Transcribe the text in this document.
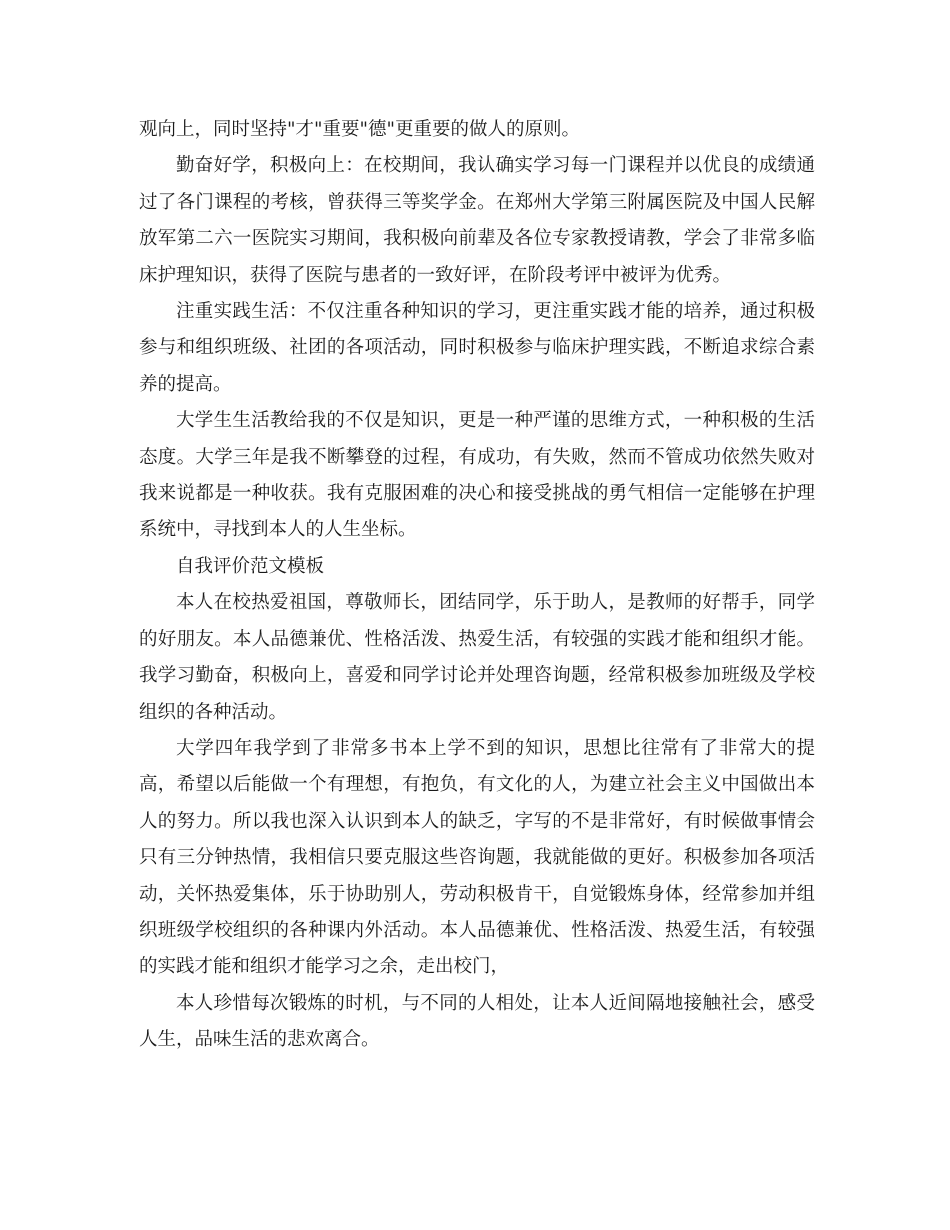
观向上，同时坚持"才"重要"德"更重要的做人的原则。

勤奋好学，积极向上：在校期间，我认确实学习每一门课程并以优良的成绩通过了各门课程的考核，曾获得三等奖学金。在郑州大学第三附属医院及中国人民解放军第二六一医院实习期间，我积极向前辈及各位专家教授请教，学会了非常多临床护理知识，获得了医院与患者的一致好评，在阶段考评中被评为优秀。

注重实践生活：不仅注重各种知识的学习，更注重实践才能的培养，通过积极参与和组织班级、社团的各项活动，同时积极参与临床护理实践，不断追求综合素养的提高。

大学生生活教给我的不仅是知识，更是一种严谨的思维方式，一种积极的生活态度。大学三年是我不断攀登的过程，有成功，有失败，然而不管成功依然失败对我来说都是一种收获。我有克服困难的决心和接受挑战的勇气相信一定能够在护理系统中，寻找到本人的人生坐标。

自我评价范文模板

本人在校热爱祖国，尊敬师长，团结同学，乐于助人，是教师的好帮手，同学的好朋友。本人品德兼优、性格活泼、热爱生活，有较强的实践才能和组织才能。我学习勤奋，积极向上，喜爱和同学讨论并处理咨询题，经常积极参加班级及学校组织的各种活动。

大学四年我学到了非常多书本上学不到的知识，思想比往常有了非常大的提高，希望以后能做一个有理想，有抱负，有文化的人，为建立社会主义中国做出本人的努力。所以我也深入认识到本人的缺乏，字写的不是非常好，有时候做事情会只有三分钟热情，我相信只要克服这些咨询题，我就能做的更好。积极参加各项活动，关怀热爱集体，乐于协助别人，劳动积极肯干，自觉锻炼身体，经常参加并组织班级学校组织的各种课内外活动。本人品德兼优、性格活泼、热爱生活，有较强的实践才能和组织才能学习之余，走出校门，

本人珍惜每次锻炼的时机，与不同的人相处，让本人近间隔地接触社会，感受人生，品味生活的悲欢离合。
